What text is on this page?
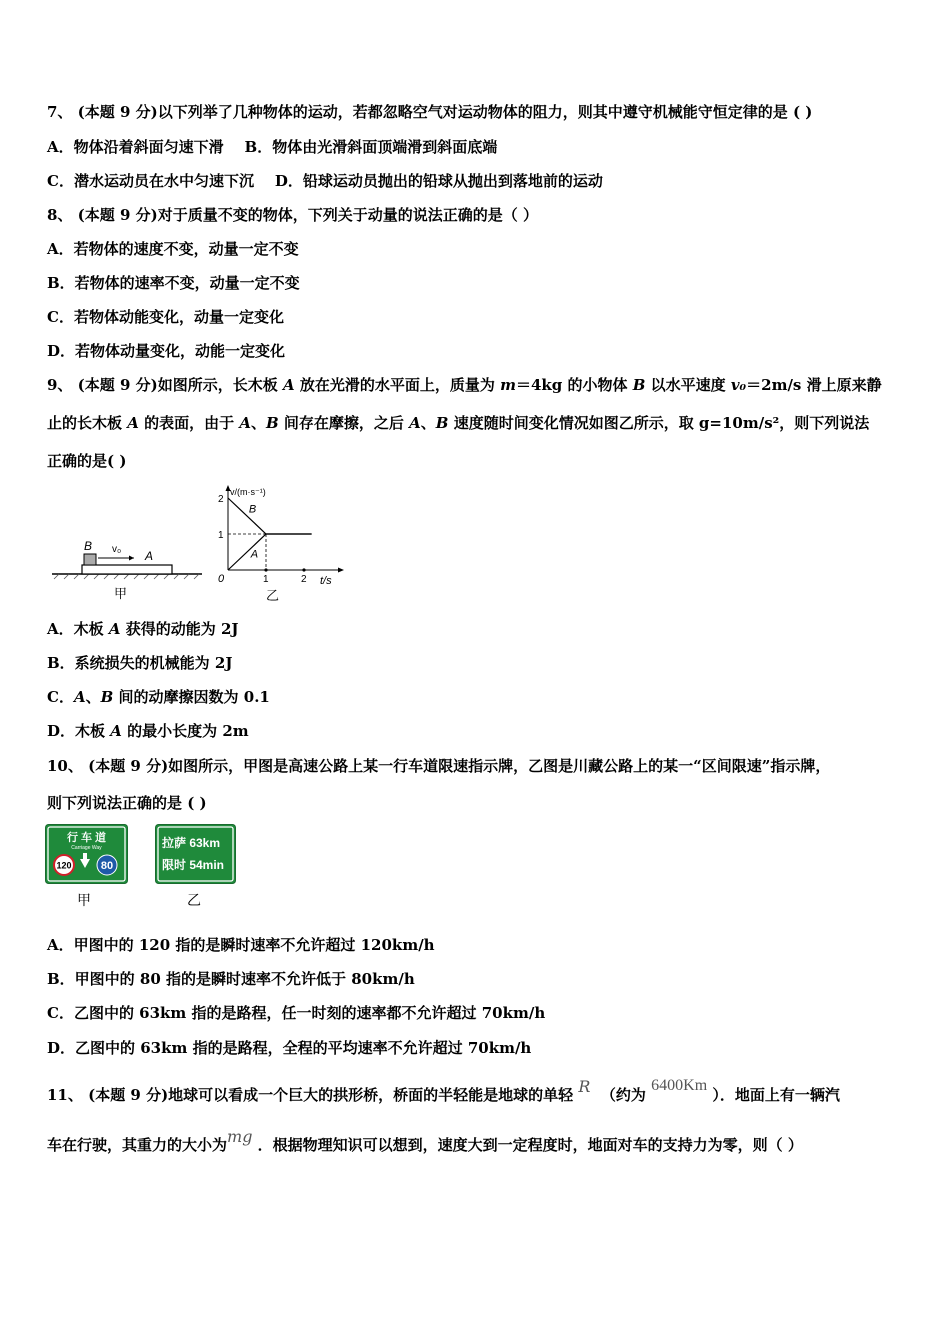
7、 (本题 9 分)以下列举了几种物体的运动，若都忽略空气对运动物体的阻力，则其中遵守机械能守恒定律的是 ( )
A．物体沿着斜面匀速下滑 B．物体由光滑斜面顶端滑到斜面底端
C．潜水运动员在水中匀速下沉 D．铅球运动员抛出的铅球从抛出到落地前的运动
8、 (本题 9 分)对于质量不变的物体，下列关于动量的说法正确的是（ ）
A．若物体的速度不变，动量一定不变
B．若物体的速率不变，动量一定不变
C．若物体动能变化，动量一定变化
D．若物体动量变化，动能一定变化
9、 (本题 9 分)如图所示，长木板 A 放在光滑的水平面上，质量为 m＝4kg 的小物体 B 以水平速度 v₀＝2m/s 滑上原来静
止的长木板 A 的表面，由于 A、B 间存在摩擦，之后 A、B 速度随时间变化情况如图乙所示，取 g=10m/s²，则下列说法
正确的是( )
B v₀ A
甲
1	2
2
1
B
A
v/(m·s⁻¹)
t/s
0
乙
A．木板 A 获得的动能为 2J
B．系统损失的机械能为 2J
C．A、B 间的动摩擦因数为 0.1
D．木板 A 的最小长度为 2m
10、 (本题 9 分)如图所示，甲图是高速公路上某一行车道限速指示牌，乙图是川藏公路上的某一“区间限速”指示牌，
则下列说法正确的是 ( )
行 车 道
Carriage Way
120	80
甲
拉萨 63km
限时 54min
乙
A．甲图中的 120 指的是瞬时速率不允许超过 120km/h
B．甲图中的 80 指的是瞬时速率不允许低于 80km/h
C．乙图中的 63km 指的是路程，任一时刻的速率都不允许超过 70km/h
D．乙图中的 63km 指的是路程，全程的平均速率不允许超过 70km/h
11、 (本题 9 分)地球可以看成一个巨大的拱形桥，桥面的半轻能是地球的单轻 R （约为 6400Km ）．地面上有一辆汽
车在行驶，其重力的大小为mg ．根据物理知识可以想到，速度大到一定程度时，地面对车的支持力为零，则（ ）
